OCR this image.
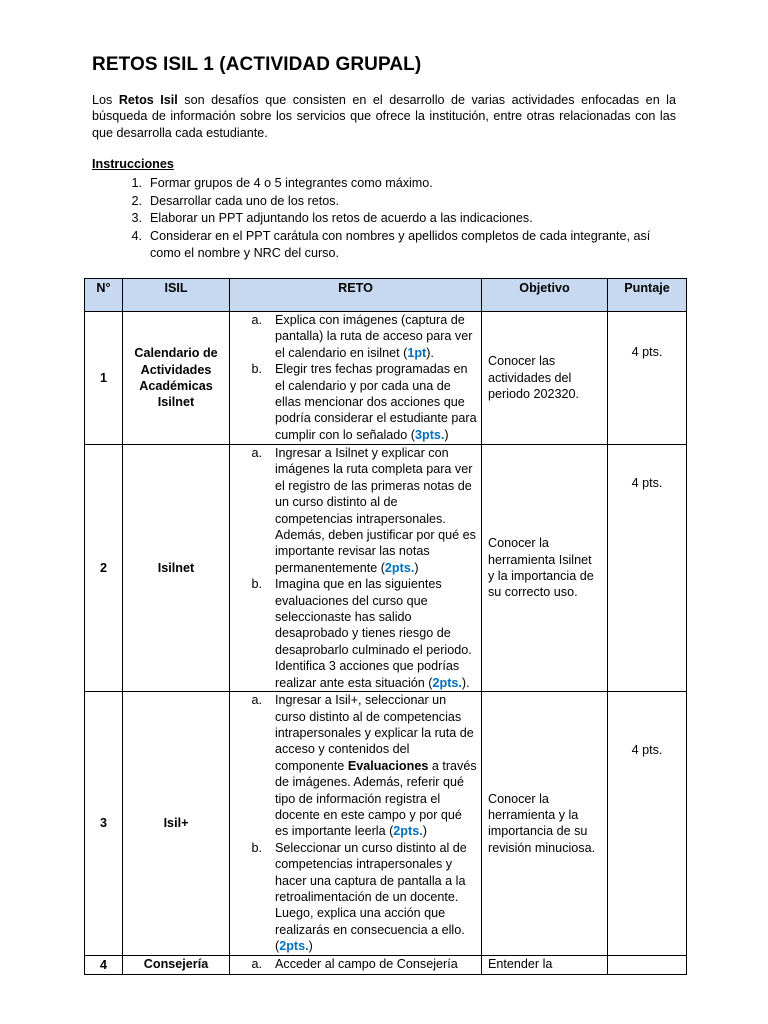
RETOS ISIL 1 (ACTIVIDAD GRUPAL)

Los Retos Isil son desafíos que consisten en el desarrollo de varias actividades enfocadas en la búsqueda de información sobre los servicios que ofrece la institución, entre otras relacionadas con las que desarrolla cada estudiante.

Instrucciones

1. Formar grupos de 4 o 5 integrantes como máximo.
2. Desarrollar cada uno de los retos.
3. Elaborar un PPT adjuntando los retos de acuerdo a las indicaciones.
4. Considerar en el PPT carátula con nombres y apellidos completos de cada integrante, así como el nombre y NRC del curso.
N°	ISIL	RETO	Objetivo	Puntaje
1	Calendario de Actividades Académicas Isilnet	a. Explica con imágenes (captura de pantalla) la ruta de acceso para ver el calendario en isilnet (1pt).
b. Elegir tres fechas programadas en el calendario y por cada una de ellas mencionar dos acciones que podría considerar el estudiante para cumplir con lo señalado (3pts.)	Conocer las actividades del periodo 202320.	4 pts.
2	Isilnet	a. Ingresar a Isilnet y explicar con imágenes la ruta completa para ver el registro de las primeras notas de un curso distinto al de competencias intrapersonales. Además, deben justificar por qué es importante revisar las notas permanentemente (2pts.)
b. Imagina que en las siguientes evaluaciones del curso que seleccionaste has salido desaprobado y tienes riesgo de desaprobarlo culminado el periodo. Identifica 3 acciones que podrías realizar ante esta situación (2pts.).	Conocer la herramienta Isilnet y la importancia de su correcto uso.	4 pts.
3	Isil+	a. Ingresar a Isil+, seleccionar un curso distinto al de competencias intrapersonales y explicar la ruta de acceso y contenidos del componente Evaluaciones a través de imágenes. Además, referir qué tipo de información registra el docente en este campo y por qué es importante leerla (2pts.)
b. Seleccionar un curso distinto al de competencias intrapersonales y hacer una captura de pantalla a la retroalimentación de un docente. Luego, explica una acción que realizarás en consecuencia a ello. (2pts.)	Conocer la herramienta y la importancia de su revisión minuciosa.	4 pts.
4	Consejería	a. Acceder al campo de Consejería	Entender la	
